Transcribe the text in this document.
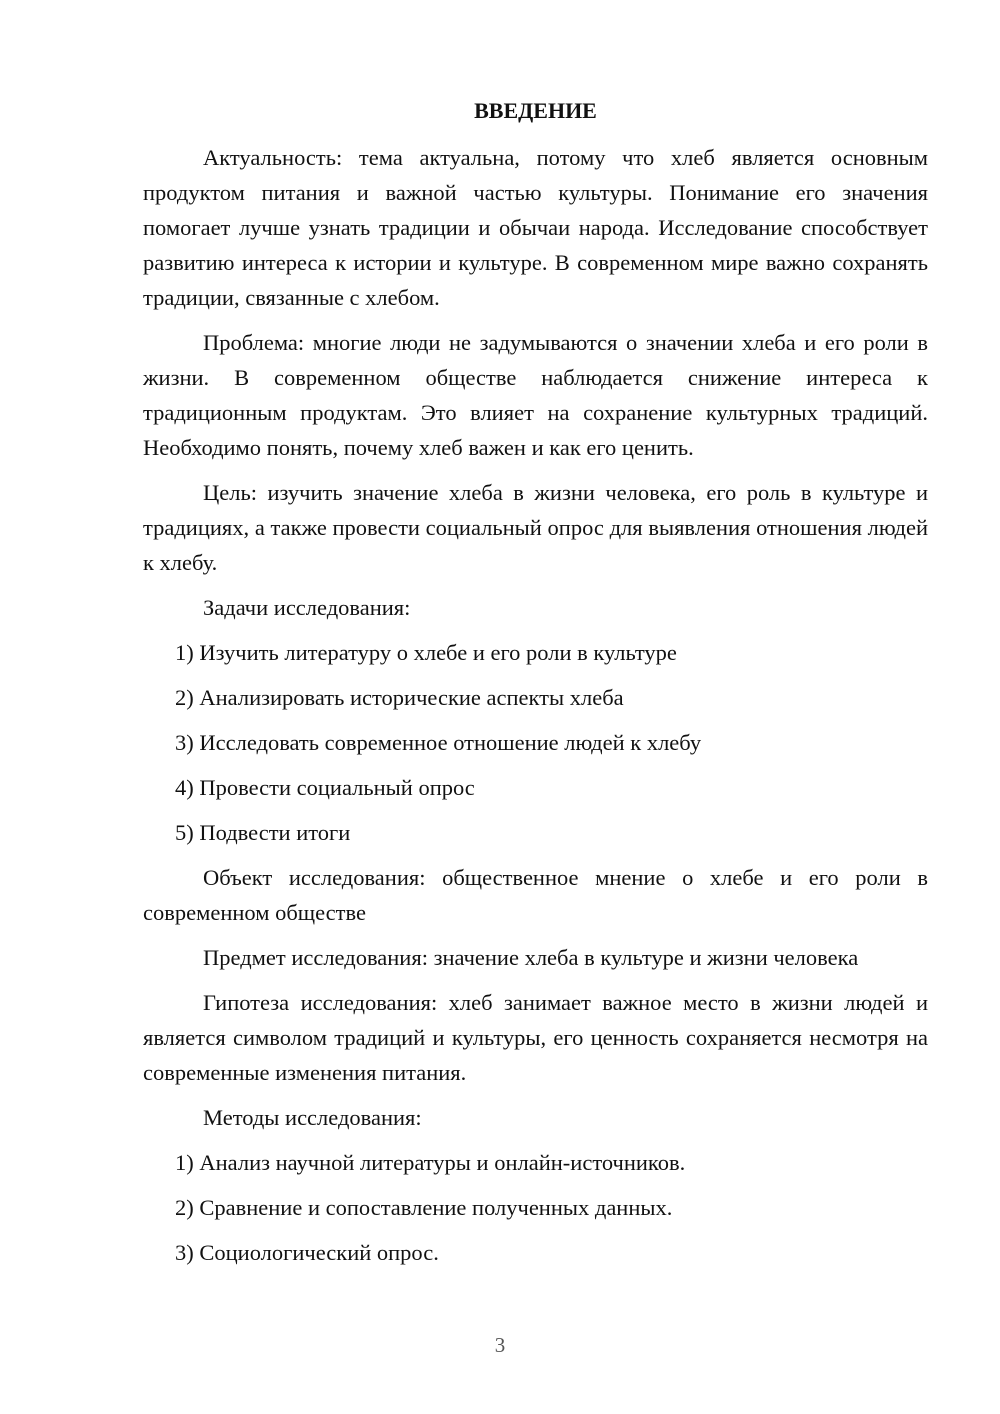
ВВЕДЕНИЕ

Актуальность: тема актуальна, потому что хлеб является основным продуктом питания и важной частью культуры. Понимание его значения помогает лучше узнать традиции и обычаи народа. Исследование способствует развитию интереса к истории и культуре. В современном мире важно сохранять традиции, связанные с хлебом.

Проблема: многие люди не задумываются о значении хлеба и его роли в жизни. В современном обществе наблюдается снижение интереса к традиционным продуктам. Это влияет на сохранение культурных традиций. Необходимо понять, почему хлеб важен и как его ценить.

Цель: изучить значение хлеба в жизни человека, его роль в культуре и традициях, а также провести социальный опрос для выявления отношения людей к хлебу.

Задачи исследования:

1) Изучить литературу о хлебе и его роли в культуре
2) Анализировать исторические аспекты хлеба
3) Исследовать современное отношение людей к хлебу
4) Провести социальный опрос
5) Подвести итоги

Объект исследования: общественное мнение о хлебе и его роли в современном обществе

Предмет исследования: значение хлеба в культуре и жизни человека

Гипотеза исследования: хлеб занимает важное место в жизни людей и является символом традиций и культуры, его ценность сохраняется несмотря на современные изменения питания.

Методы исследования:

1) Анализ научной литературы и онлайн-источников.
2) Сравнение и сопоставление полученных данных.
3) Социологический опрос.
3
